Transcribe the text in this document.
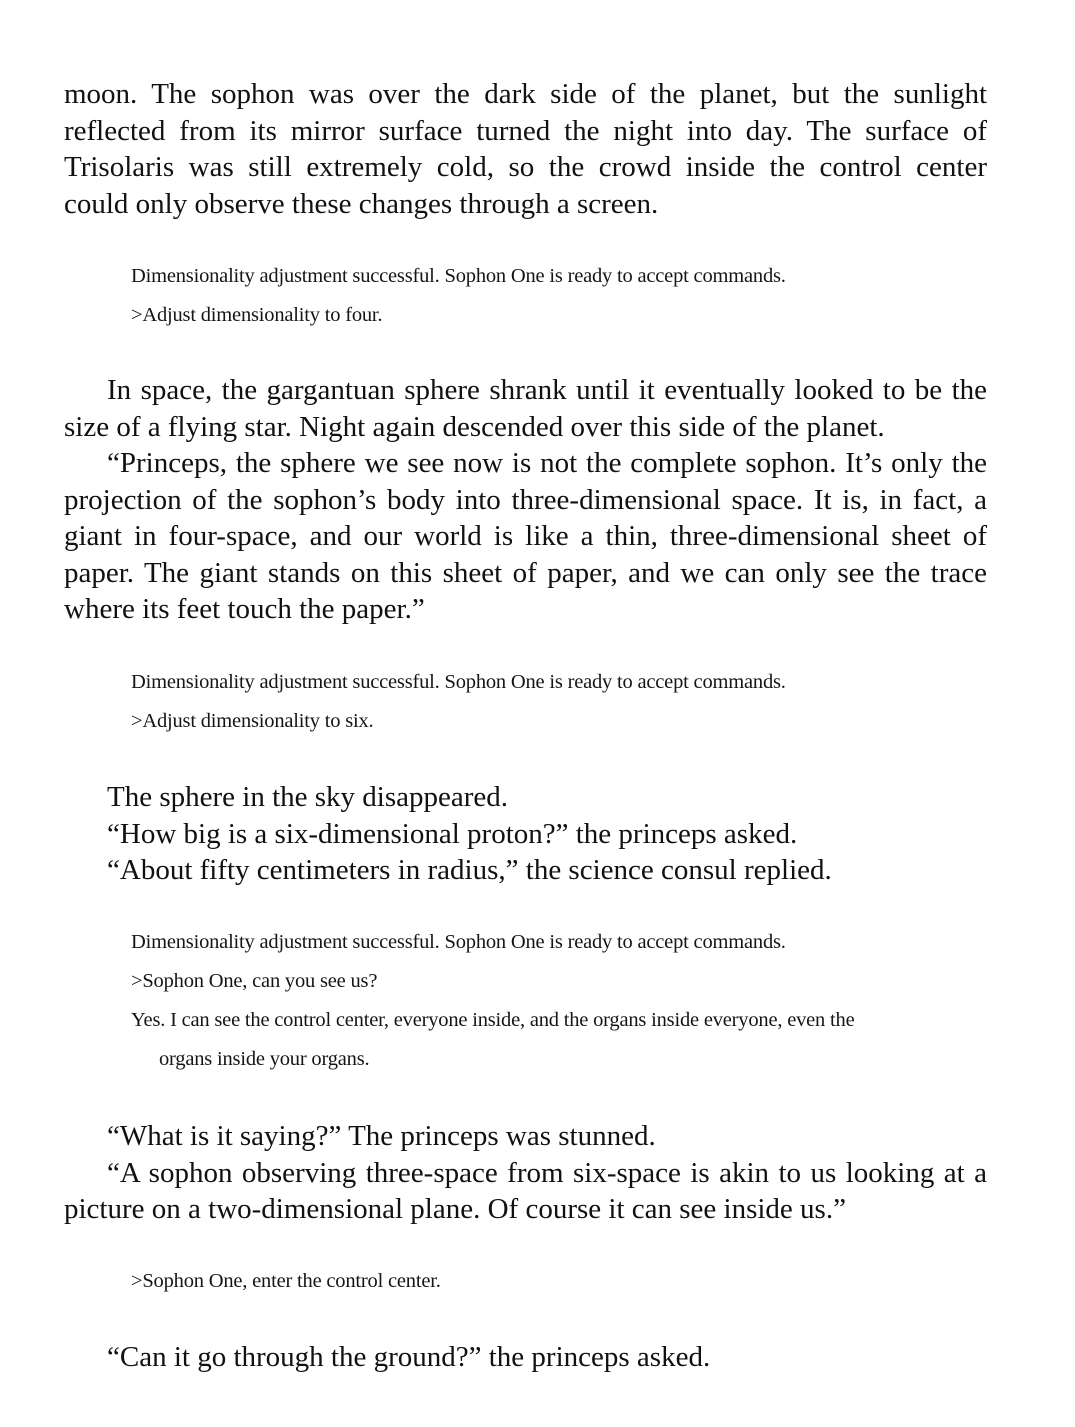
moon. The sophon was over the dark side of the planet, but the sunlight
reflected from its mirror surface turned the night into day. The surface of
Trisolaris was still extremely cold, so the crowd inside the control center
could only observe these changes through a screen.
Dimensionality adjustment successful. Sophon One is ready to accept commands.
>Adjust dimensionality to four.
In space, the gargantuan sphere shrank until it eventually looked to be the size of a flying star. Night again descended over this side of the planet.
“Princeps, the sphere we see now is not the complete sophon. It’s only the projection of the sophon’s body into three-dimensional space. It is, in fact, a giant in four-space, and our world is like a thin, three-dimensional sheet of paper. The giant stands on this sheet of paper, and we can only see the trace where its feet touch the paper.”
Dimensionality adjustment successful. Sophon One is ready to accept commands.
>Adjust dimensionality to six.
The sphere in the sky disappeared.
“How big is a six-dimensional proton?” the princeps asked.
“About fifty centimeters in radius,” the science consul replied.
Dimensionality adjustment successful. Sophon One is ready to accept commands.
>Sophon One, can you see us?
Yes. I can see the control center, everyone inside, and the organs inside everyone, even the
organs inside your organs.
“What is it saying?” The princeps was stunned.
“A sophon observing three-space from six-space is akin to us looking at a picture on a two-dimensional plane. Of course it can see inside us.”
>Sophon One, enter the control center.
“Can it go through the ground?” the princeps asked.
